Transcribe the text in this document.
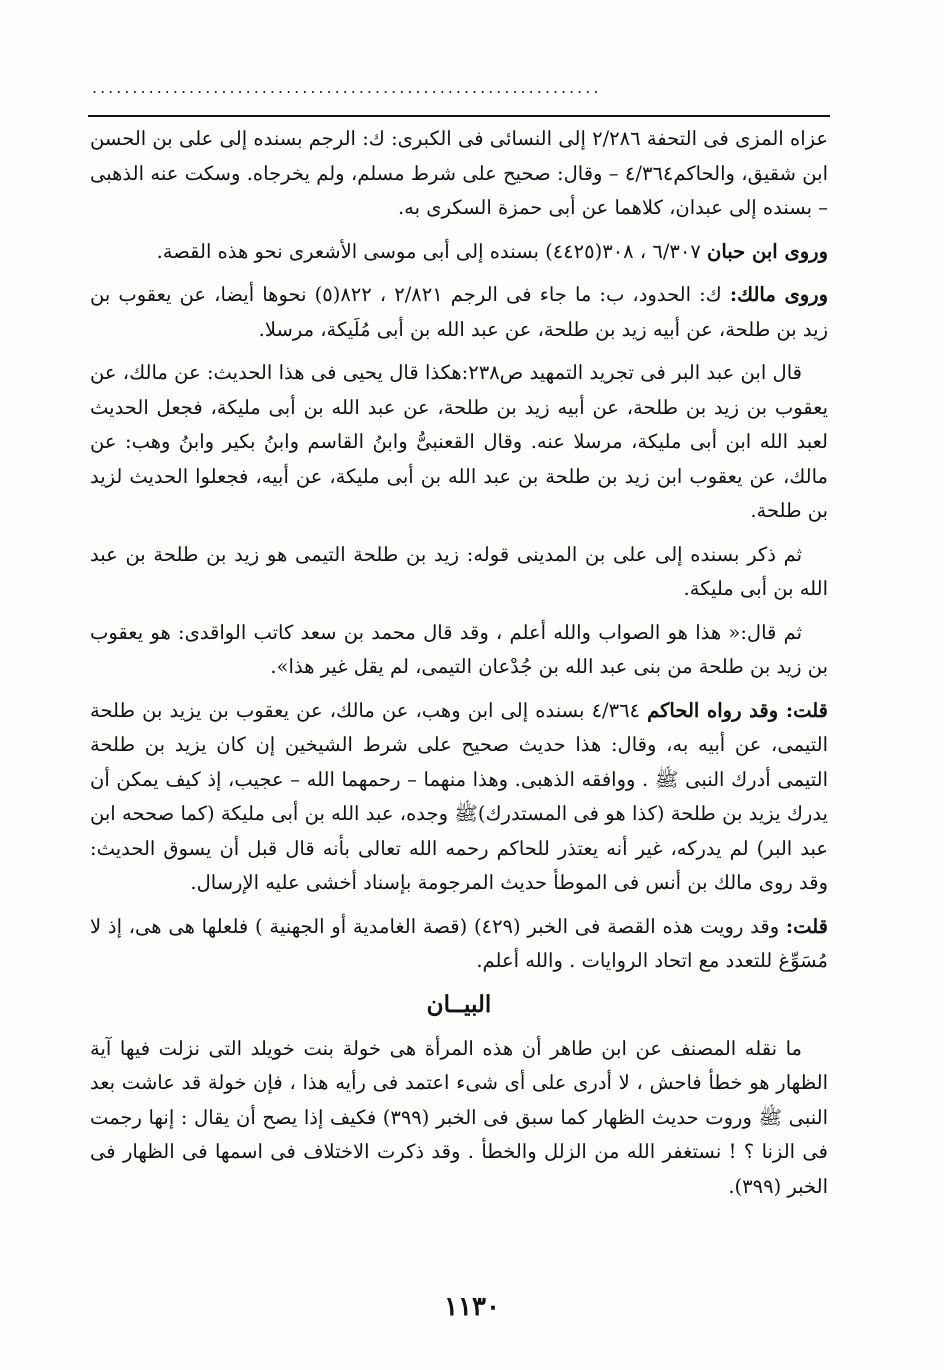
...............................................................

عزاه المزى فى التحفة ٢/٢٨٦ إلى النسائى فى الكبرى: ك: الرجم بسنده إلى على بن الحسن ابن شقيق، والحاكم٤/٣٦٤ – وقال: صحيح على شرط مسلم، ولم يخرجاه. وسكت عنه الذهبى – بسنده إلى عبدان، كلاهما عن أبى حمزة السكرى به.

وروى ابن حبان ٦/٣٠٧ ، ٣٠٨(٤٤٢٥) بسنده إلى أبى موسى الأشعرى نحو هذه القصة.

وروى مالك: ك: الحدود، ب: ما جاء فى الرجم ٢/٨٢١ ، ٨٢٢(٥) نحوها أيضا، عن يعقوب بن زيد بن طلحة، عن أبيه زيد بن طلحة، عن عبد الله بن أبى مُلَيكة، مرسلا.

قال ابن عبد البر فى تجريد التمهيد ص٢٣٨:هكذا قال يحيى فى هذا الحديث: عن مالك، عن يعقوب بن زيد بن طلحة، عن أبيه زيد بن طلحة، عن عبد الله بن أبى مليكة، فجعل الحديث لعبد الله ابن أبى مليكة، مرسلا عنه. وقال القعنبىُّ وابنُ القاسم وابنُ بكير وابنُ وهب: عن مالك، عن يعقوب ابن زيد بن طلحة بن عبد الله بن أبى مليكة، عن أبيه، فجعلوا الحديث لزيد بن طلحة.

ثم ذكر بسنده إلى على بن المدينى قوله: زيد بن طلحة التيمى هو زيد بن طلحة بن عبد الله بن أبى مليكة.

ثم قال:« هذا هو الصواب والله أعلم ، وقد قال محمد بن سعد كاتب الواقدى: هو يعقوب بن زيد بن طلحة من بنى عبد الله بن جُدْعان التيمى، لم يقل غير هذا».

قلت: وقد رواه الحاكم ٤/٣٦٤ بسنده إلى ابن وهب، عن مالك، عن يعقوب بن يزيد بن طلحة التيمى، عن أبيه به، وقال: هذا حديث صحيح على شرط الشيخين إن كان يزيد بن طلحة التيمى أدرك النبى ﷺ . ووافقه الذهبى. وهذا منهما – رحمهما الله – عجيب، إذ كيف يمكن أن يدرك يزيد بن طلحة (كذا هو فى المستدرك)ﷺ وجده، عبد الله بن أبى مليكة (كما صححه ابن عبد البر) لم يدركه، غير أنه يعتذر للحاكم رحمه الله تعالى بأنه قال قبل أن يسوق الحديث: وقد روى مالك بن أنس فى الموطأ حديث المرجومة بإسناد أخشى عليه الإرسال.

قلت: وقد رويت هذه القصة فى الخبر (٤٢٩) (قصة الغامدية أو الجهنية ) فلعلها هى هى، إذ لا مُسَوِّغ للتعدد مع اتحاد الروايات . والله أعلم.

البيــان

ما نقله المصنف عن ابن طاهر أن هذه المرأة هى خولة بنت خويلد التى نزلت فيها آية الظهار هو خطأ فاحش ، لا أدرى على أى شىء اعتمد فى رأيه هذا ، فإن خولة قد عاشت بعد النبى ﷺ وروت حديث الظهار كما سبق فى الخبر (٣٩٩) فكيف إذا يصح أن يقال : إنها رجمت فى الزنا ؟ ! نستغفر الله من الزلل والخطأ . وقد ذكرت الاختلاف فى اسمها فى الظهار فى الخبر (٣٩٩).

١١٣٠
